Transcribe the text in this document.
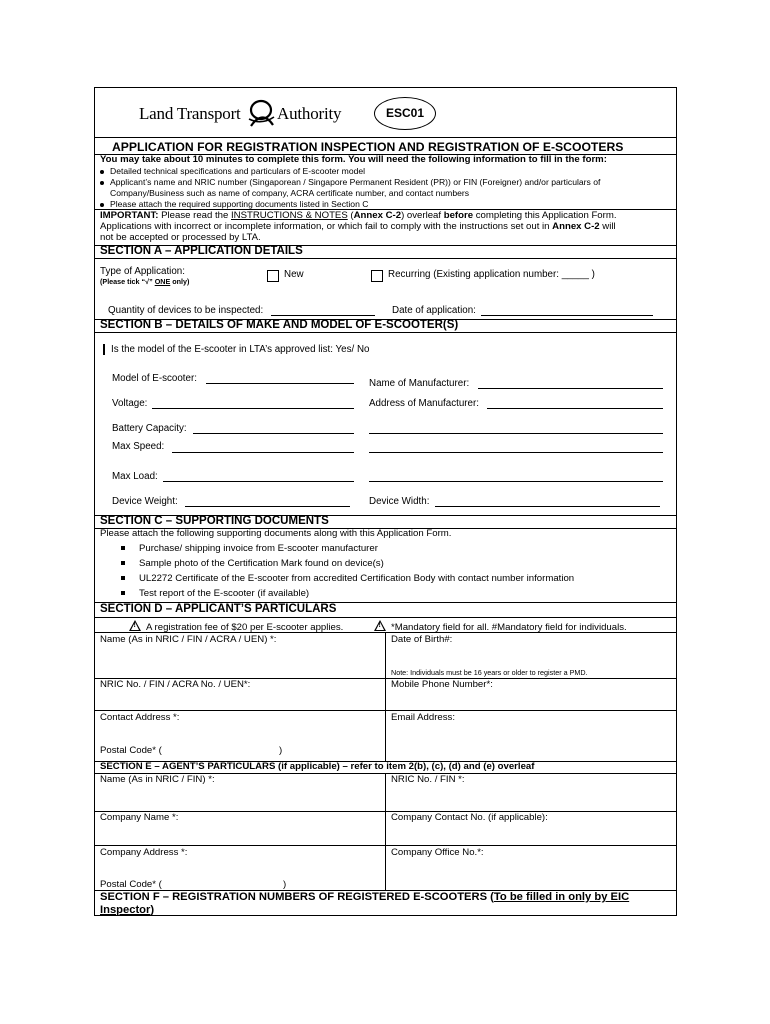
Land Transport Authority	ESC01
APPLICATION FOR REGISTRATION INSPECTION AND REGISTRATION OF E-SCOOTERS
You may take about 10 minutes to complete this form. You will need the following information to fill in the form:
Detailed technical specifications and particulars of E-scooter model
Applicant’s name and NRIC number (Singaporean / Singapore Permanent Resident (PR)) or FIN (Foreigner) and/or particulars of
Company/Business such as name of company, ACRA certificate number, and contact numbers
Please attach the required supporting documents listed in Section C
IMPORTANT: Please read the INSTRUCTIONS & NOTES (Annex C-2) overleaf before completing this Application Form.
Applications with incorrect or incomplete information, or which fail to comply with the instructions set out in Annex C-2 will
not be accepted or processed by LTA.
SECTION A – APPLICATION DETAILS
Type of Application:
(Please tick “√” ONE only)
New	Recurring (Existing application number: _____ )
Quantity of devices to be inspected:	Date of application:
SECTION B – DETAILS OF MAKE AND MODEL OF E-SCOOTER(S)
Is the model of the E-scooter in LTA’s approved list: Yes/ No
Model of E-scooter:	Name of Manufacturer:
Voltage:	Address of Manufacturer:
Battery Capacity:
Max Speed:
Max Load:
Device Weight:	Device Width:
SECTION C – SUPPORTING DOCUMENTS
Please attach the following supporting documents along with this Application Form.
Purchase/ shipping invoice from E-scooter manufacturer
Sample photo of the Certification Mark found on device(s)
UL2272 Certificate of the E-scooter from accredited Certification Body with contact number information
Test report of the E-scooter (if available)
SECTION D – APPLICANT’S PARTICULARS
!A registration fee of $20 per E-scooter applies.
!	*Mandatory field for all. #Mandatory field for individuals.
Name (As in NRIC / FIN / ACRA / UEN) *:	Date of Birth#:
Note: Individuals must be 16 years or older to register a PMD.
NRIC No. / FIN / ACRA No. / UEN*:	Mobile Phone Number*:
Contact Address *:	Email Address:
Postal Code* (	)
SECTION E – AGENT’S PARTICULARS (if applicable) – refer to item 2(b), (c), (d) and (e) overleaf
Name (As in NRIC / FIN) *:	NRIC No. / FIN *:
Company Name *:	Company Contact No. (if applicable):
Company Address *:	Company Office No.*:
Postal Code* (	)
SECTION F – REGISTRATION NUMBERS OF REGISTERED E-SCOOTERS (To be filled in only by EIC
Inspector)
